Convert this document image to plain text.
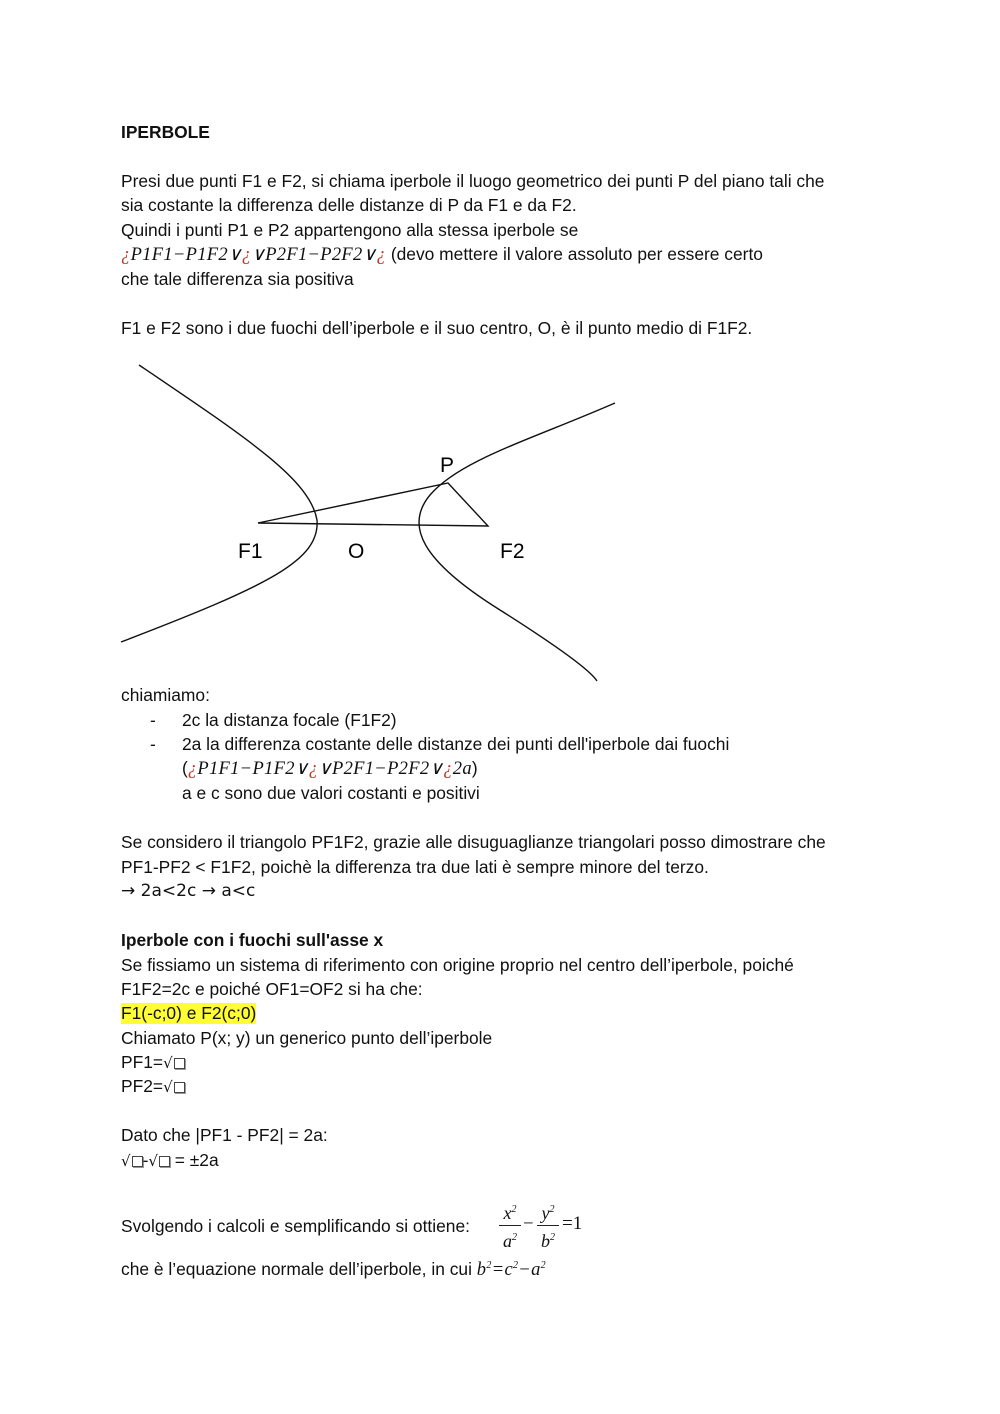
IPERBOLE
Presi due punti F1 e F2, si chiama iperbole il luogo geometrico dei punti P del piano tali che
sia costante la differenza delle distanze di P da F1 e da F2.
Quindi i punti P1 e P2 appartengono alla stessa iperbole se
¿P1F1−P1F2∨¿∨P2F1−P2F2∨¿ (devo mettere il valore assoluto per essere certo
che tale differenza sia positiva
F1 e F2 sono i due fuochi dell’iperbole e il suo centro, O, è il punto medio di F1F2.
P
F1	O	F2
chiamiamo:
- 2c la distanza focale (F1F2)
- 2a la differenza costante delle distanze dei punti dell'iperbole dai fuochi
(¿P1F1−P1F2∨¿∨P2F1−P2F2∨¿2a)
a e c sono due valori costanti e positivi
Se considero il triangolo PF1F2, grazie alle disuguaglianze triangolari posso dimostrare che
PF1-PF2 < F1F2, poichè la differenza tra due lati è sempre minore del terzo.
→ 2a<2c → a<c
Iperbole con i fuochi sull'asse x
Se fissiamo un sistema di riferimento con origine proprio nel centro dell’iperbole, poiché
F1F2=2c e poiché OF1=OF2 si ha che:
F1(-c;0) e F2(c;0)
Chiamato P(x; y) un generico punto dell’iperbole
PF1=√
PF2=√
Dato che |PF1 - PF2| = 2a:
√ -√ = ±2a
Svolgendo i calcoli e semplificando si ottiene:
$x^2$
$a^2$
−
$y^2$
$b^2$
=1
che è l’equazione normale dell’iperbole, in cui $b^2=c^2-a^2$
